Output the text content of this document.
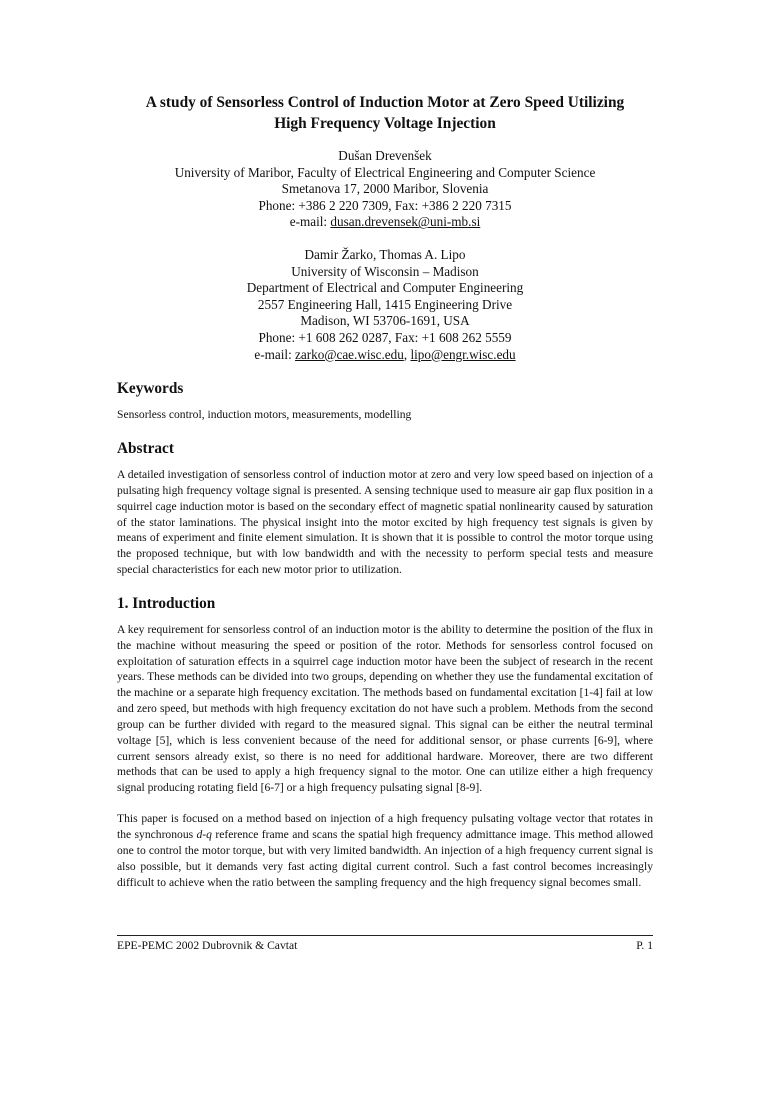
A study of Sensorless Control of Induction Motor at Zero Speed Utilizing
High Frequency Voltage Injection
Dušan Drevenšek
University of Maribor, Faculty of Electrical Engineering and Computer Science
Smetanova 17, 2000 Maribor, Slovenia
Phone: +386 2 220 7309, Fax: +386 2 220 7315
e-mail: dusan.drevensek@uni-mb.si
Damir Žarko, Thomas A. Lipo
University of Wisconsin – Madison
Department of Electrical and Computer Engineering
2557 Engineering Hall, 1415 Engineering Drive
Madison, WI 53706-1691, USA
Phone: +1 608 262 0287, Fax: +1 608 262 5559
e-mail: zarko@cae.wisc.edu, lipo@engr.wisc.edu
Keywords

Sensorless control, induction motors, measurements, modelling

Abstract

A detailed investigation of sensorless control of induction motor at zero and very low speed based on injection of a pulsating high frequency voltage signal is presented. A sensing technique used to measure air gap flux position in a squirrel cage induction motor is based on the secondary effect of magnetic spatial nonlinearity caused by saturation of the stator laminations. The physical insight into the motor excited by high frequency test signals is given by means of experiment and finite element simulation. It is shown that it is possible to control the motor torque using the proposed technique, but with low bandwidth and with the necessity to perform special tests and measure special characteristics for each new motor prior to utilization.

1. Introduction

A key requirement for sensorless control of an induction motor is the ability to determine the position of the flux in the machine without measuring the speed or position of the rotor. Methods for sensorless control focused on exploitation of saturation effects in a squirrel cage induction motor have been the subject of research in the recent years. These methods can be divided into two groups, depending on whether they use the fundamental excitation of the machine or a separate high frequency excitation. The methods based on fundamental excitation [1-4] fail at low and zero speed, but methods with high frequency excitation do not have such a problem. Methods from the second group can be further divided with regard to the measured signal. This signal can be either the neutral terminal voltage [5], which is less convenient because of the need for additional sensor, or phase currents [6-9], where current sensors already exist, so there is no need for additional hardware. Moreover, there are two different methods that can be used to apply a high frequency signal to the motor. One can utilize either a high frequency signal producing rotating field [6-7] or a high frequency pulsating signal [8-9].

This paper is focused on a method based on injection of a high frequency pulsating voltage vector that rotates in the synchronous d-q reference frame and scans the spatial high frequency admittance image. This method allowed one to control the motor torque, but with very limited bandwidth. An injection of a high frequency current signal is also possible, but it demands very fast acting digital current control. Such a fast control becomes increasingly difficult to achieve when the ratio between the sampling frequency and the high frequency signal becomes small.

EPE-PEMC 2002 Dubrovnik & Cavtat	P. 1
